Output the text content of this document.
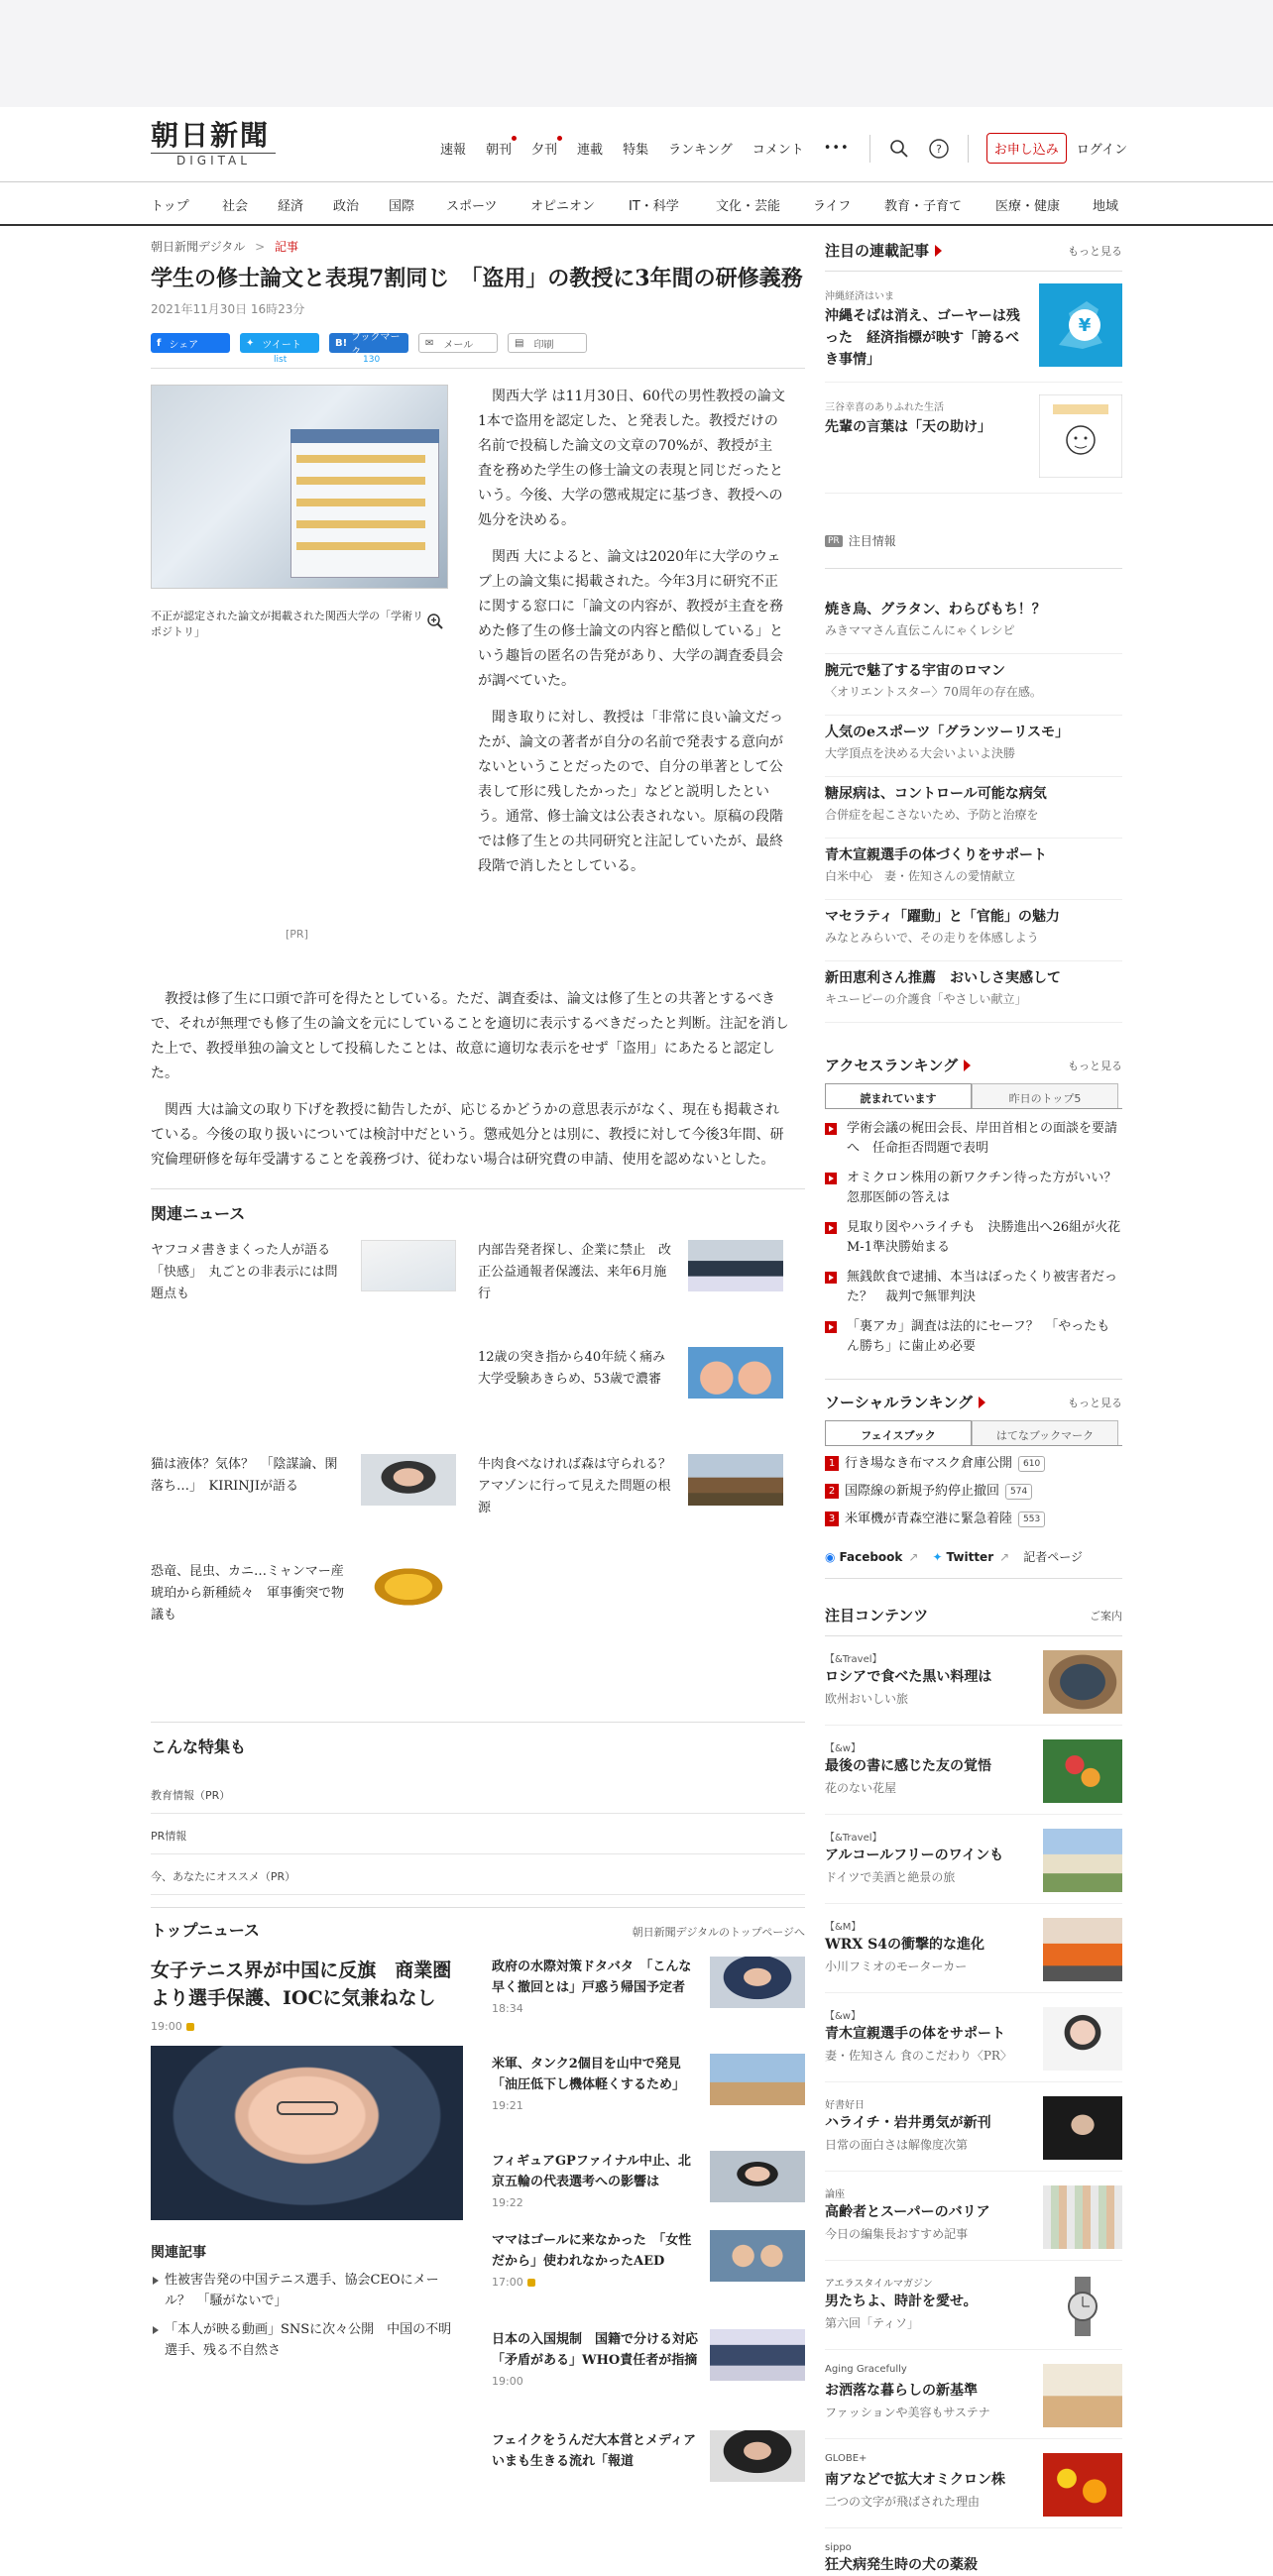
朝日新聞
DIGITAL
速報 朝刊 夕刊 連載 特集 ランキング コメント •••	?	お申し込み	ログイン
トップ	社会 経済 政治 国際 スポーツ	オピニオン	IT・科学	文化・芸能	ライフ	教育・子育て	医療・健康	地域
朝日新聞デジタル > 記事
学生の修士論文と表現7割同じ　「盗用」の教授に3年間の研修義務
2021年11月30日 16時23分
f シェア	✦ ツイート
list
B! ブックマーク
130
✉ メール	▤ 印刷
不正が認定された論文が掲載された関西大学の「学術リポジトリ」
[PR]

関西大学 は11月30日、60代の男性教授の論文1本で盗用を認定した、と発表した。教授だけの名前で投稿した論文の文章の70%が、教授が主査を務めた学生の修士論文の表現と同じだったという。今後、大学の懲戒規定に基づき、教授への処分を決める。

関西 大によると、論文は2020年に大学のウェブ上の論文集に掲載された。今年3月に研究不正に関する窓口に「論文の内容が、教授が主査を務めた修了生の修士論文の内容と酷似している」という趣旨の匿名の告発があり、大学の調査委員会が調べていた。

聞き取りに対し、教授は「非常に良い論文だったが、論文の著者が自分の名前で発表する意向がないということだったので、自分の単著として公表して形に残したかった」などと説明したという。通常、修士論文は公表されない。原稿の段階では修了生との共同研究と注記していたが、最終段階で消したとしている。

教授は修了生に口頭で許可を得たとしている。ただ、調査委は、論文は修了生との共著とするべきで、それが無理でも修了生の論文を元にしていることを適切に表示するべきだったと判断。注記を消した上で、教授単独の論文として投稿したことは、故意に適切な表示をせず「盗用」にあたると認定した。

関西 大は論文の取り下げを教授に勧告したが、応じるかどうかの意思表示がなく、現在も掲載されている。今後の取り扱いについては検討中だという。懲戒処分とは別に、教授に対して今後3年間、研究倫理研修を毎年受講することを義務づけ、従わない場合は研究費の申請、使用を認めないとした。

関連ニュース
ヤフコメ書きまくった人が語る「快感」　丸ごとの非表示には問題点も
内部告発者探し、企業に禁止　改正公益通報者保護法、来年6月施行
12歳の突き指から40年続く痛み　大学受験あきらめ、53歳で濃審
猫は液体？気体？　「陰謀論、閑落ち…」　KIRINJIが語る
牛肉食べなければ森は守られる？　アマゾンに行って見えた問題の根源
恐竜、昆虫、カニ…ミャンマー産琥珀から新種続々　軍事衝突で物議も
こんな特集も
教育情報（PR）
PR情報
今、あなたにオススメ（PR）
トップニュース	朝日新聞デジタルのトップページへ
女子テニス界が中国に反旗　商業圏より選手保護、IOCに気兼ねなし
19:00
関連記事
性被害告発の中国テニス選手、協会CEOにメール？　「騒がないで」
「本人が映る動画」SNSに次々公開　中国の不明選手、残る不自然さ
政府の水際対策ドタバタ　「こんな早く撤回とは」戸惑う帰国予定者
18:34
米軍、タンク2個目を山中で発見「油圧低下し機体軽くするため」
19:21
フィギュアGPファイナル中止、北京五輪の代表選考への影響は
19:22
ママはゴールに来なかった　「女性だから」使われなかったAED
17:00
日本の入国規制　国籍で分ける対応「矛盾がある」WHO責任者が指摘
19:00
フェイクをうんだ大本営とメディア　いまも生きる流れ「報道
注目の連載記事	もっと見る
沖縄経済はいま
沖縄そばは消え、ゴーヤーは残った　経済指標が映す「誇るべき事情」
¥
三谷幸喜のありふれた生活
先輩の言葉は「天の助け」
PR 注目情報
焼き鳥、グラタン、わらびもち！？
みきママさん直伝こんにゃくレシピ
腕元で魅了する宇宙のロマン
〈オリエントスター〉70周年の存在感。
人気のeスポーツ「グランツーリスモ」
大学頂点を決める大会いよいよ決勝
糖尿病は、コントロール可能な病気
合併症を起こさないため、予防と治療を
青木宣親選手の体づくりをサポート
白米中心　妻・佐知さんの愛情献立
マセラティ「躍動」と「官能」の魅力
みなとみらいで、その走りを体感しよう
新田恵利さん推薦　おいしさ実感して
キユーピーの介護食「やさしい献立」
アクセスランキング	もっと見る
読まれています	昨日のトップ5
学術会議の梶田会長、岸田首相との面談を要請へ　任命拒否問題で表明
オミクロン株用の新ワクチン待った方がいい？　忽那医師の答えは
見取り図やハライチも　決勝進出へ26組が火花　M-1準決勝始まる
無銭飲食で逮捕、本当はぼったくり被害者だった？　裁判で無罪判決
「裏アカ」調査は法的にセーフ？　「やったもん勝ち」に歯止め必要
ソーシャルランキング	もっと見る
フェイスブック	はてなブックマーク
1 行き場なき布マスク倉庫公開 610
2 国際線の新規予約停止撤回 574
3 米軍機が青森空港に緊急着陸 553
◉ Facebook ↗ ✦ Twitter ↗ 記者ページ
注目コンテンツ	ご案内
【&Travel】
ロシアで食べた黒い料理は
欧州おいしい旅
【&w】
最後の書に感じた友の覚悟
花のない花屋
【&Travel】
アルコールフリーのワインも
ドイツで美酒と絶景の旅
【&M】
WRX S4の衝撃的な進化
小川フミオのモーターカー
【&w】
青木宣親選手の体をサポート
妻・佐知さん 食のこだわり〈PR〉
好書好日
ハライチ・岩井勇気が新刊
日常の面白さは解像度次第
論座
高齢者とスーパーのバリア
今日の編集長おすすめ記事
アエラスタイルマガジン
男たちよ、時計を愛せ。
第六回「ティソ」
Aging Gracefully
お洒落な暮らしの新基準
ファッションや美容もサステナ
GLOBE+
南アなどで拡大オミクロン株
二つの文字が飛ばされた理由
sippo
狂犬病発生時の犬の薬殺
